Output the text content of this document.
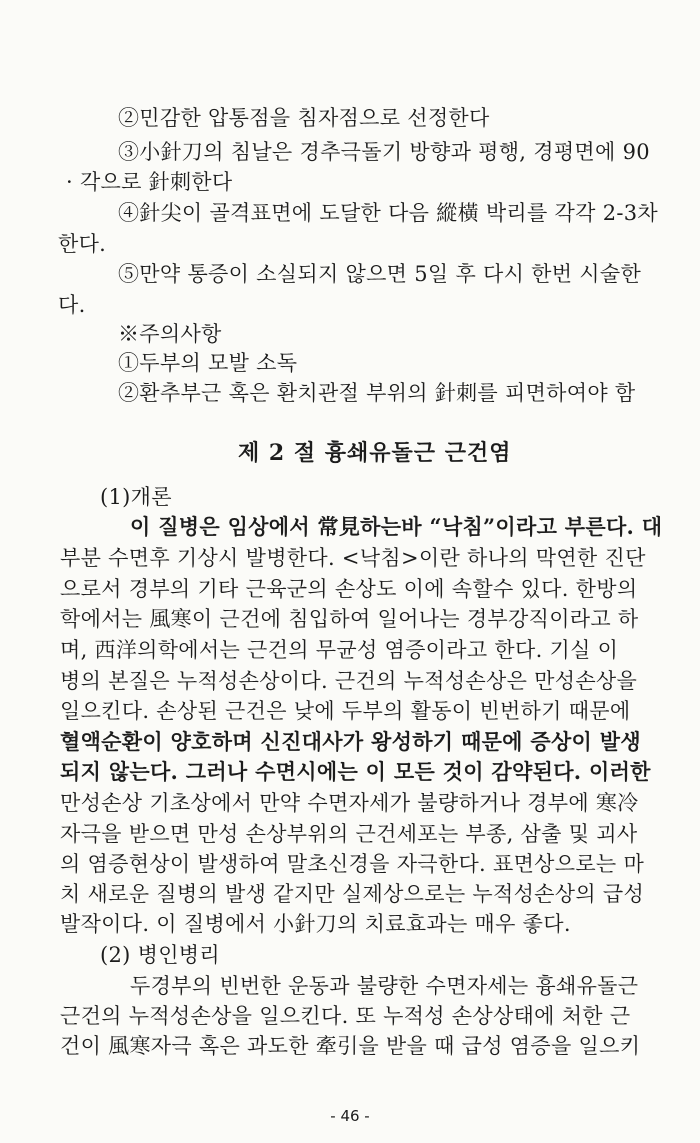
②민감한 압통점을 침자점으로 선정한다
③小針刀의 침날은 경추극돌기 방향과 평행, 경평면에 90
· 각으로 針刺한다
④針尖이 골격표면에 도달한 다음 縱橫 박리를 각각 2-3차
한다.
⑤만약 통증이 소실되지 않으면 5일 후 다시 한번 시술한
다.
※주의사항
①두부의 모발 소독
②환추부근 혹은 환치관절 부위의 針刺를 피면하여야 함
제 2 절 흉쇄유돌근 근건염
(1)개론
이 질병은 임상에서 常見하는바 “낙침”이라고 부른다. 대
부분 수면후 기상시 발병한다. <낙침>이란 하나의 막연한 진단
으로서 경부의 기타 근육군의 손상도 이에 속할수 있다. 한방의
학에서는 風寒이 근건에 침입하여 일어나는 경부강직이라고 하
며, 西洋의학에서는 근건의 무균성 염증이라고 한다. 기실 이
병의 본질은 누적성손상이다. 근건의 누적성손상은 만성손상을
일으킨다. 손상된 근건은 낮에 두부의 활동이 빈번하기 때문에
혈액순환이 양호하며 신진대사가 왕성하기 때문에 증상이 발생
되지 않는다. 그러나 수면시에는 이 모든 것이 감약된다. 이러한
만성손상 기초상에서 만약 수면자세가 불량하거나 경부에 寒冷
자극을 받으면 만성 손상부위의 근건세포는 부종, 삼출 및 괴사
의 염증현상이 발생하여 말초신경을 자극한다. 표면상으로는 마
치 새로운 질병의 발생 같지만 실제상으로는 누적성손상의 급성
발작이다. 이 질병에서 小針刀의 치료효과는 매우 좋다.
(2) 병인병리
두경부의 빈번한 운동과 불량한 수면자세는 흉쇄유돌근
근건의 누적성손상을 일으킨다. 또 누적성 손상상태에 처한 근
건이 風寒자극 혹은 과도한 牽引을 받을 때 급성 염증을 일으키
- 46 -
